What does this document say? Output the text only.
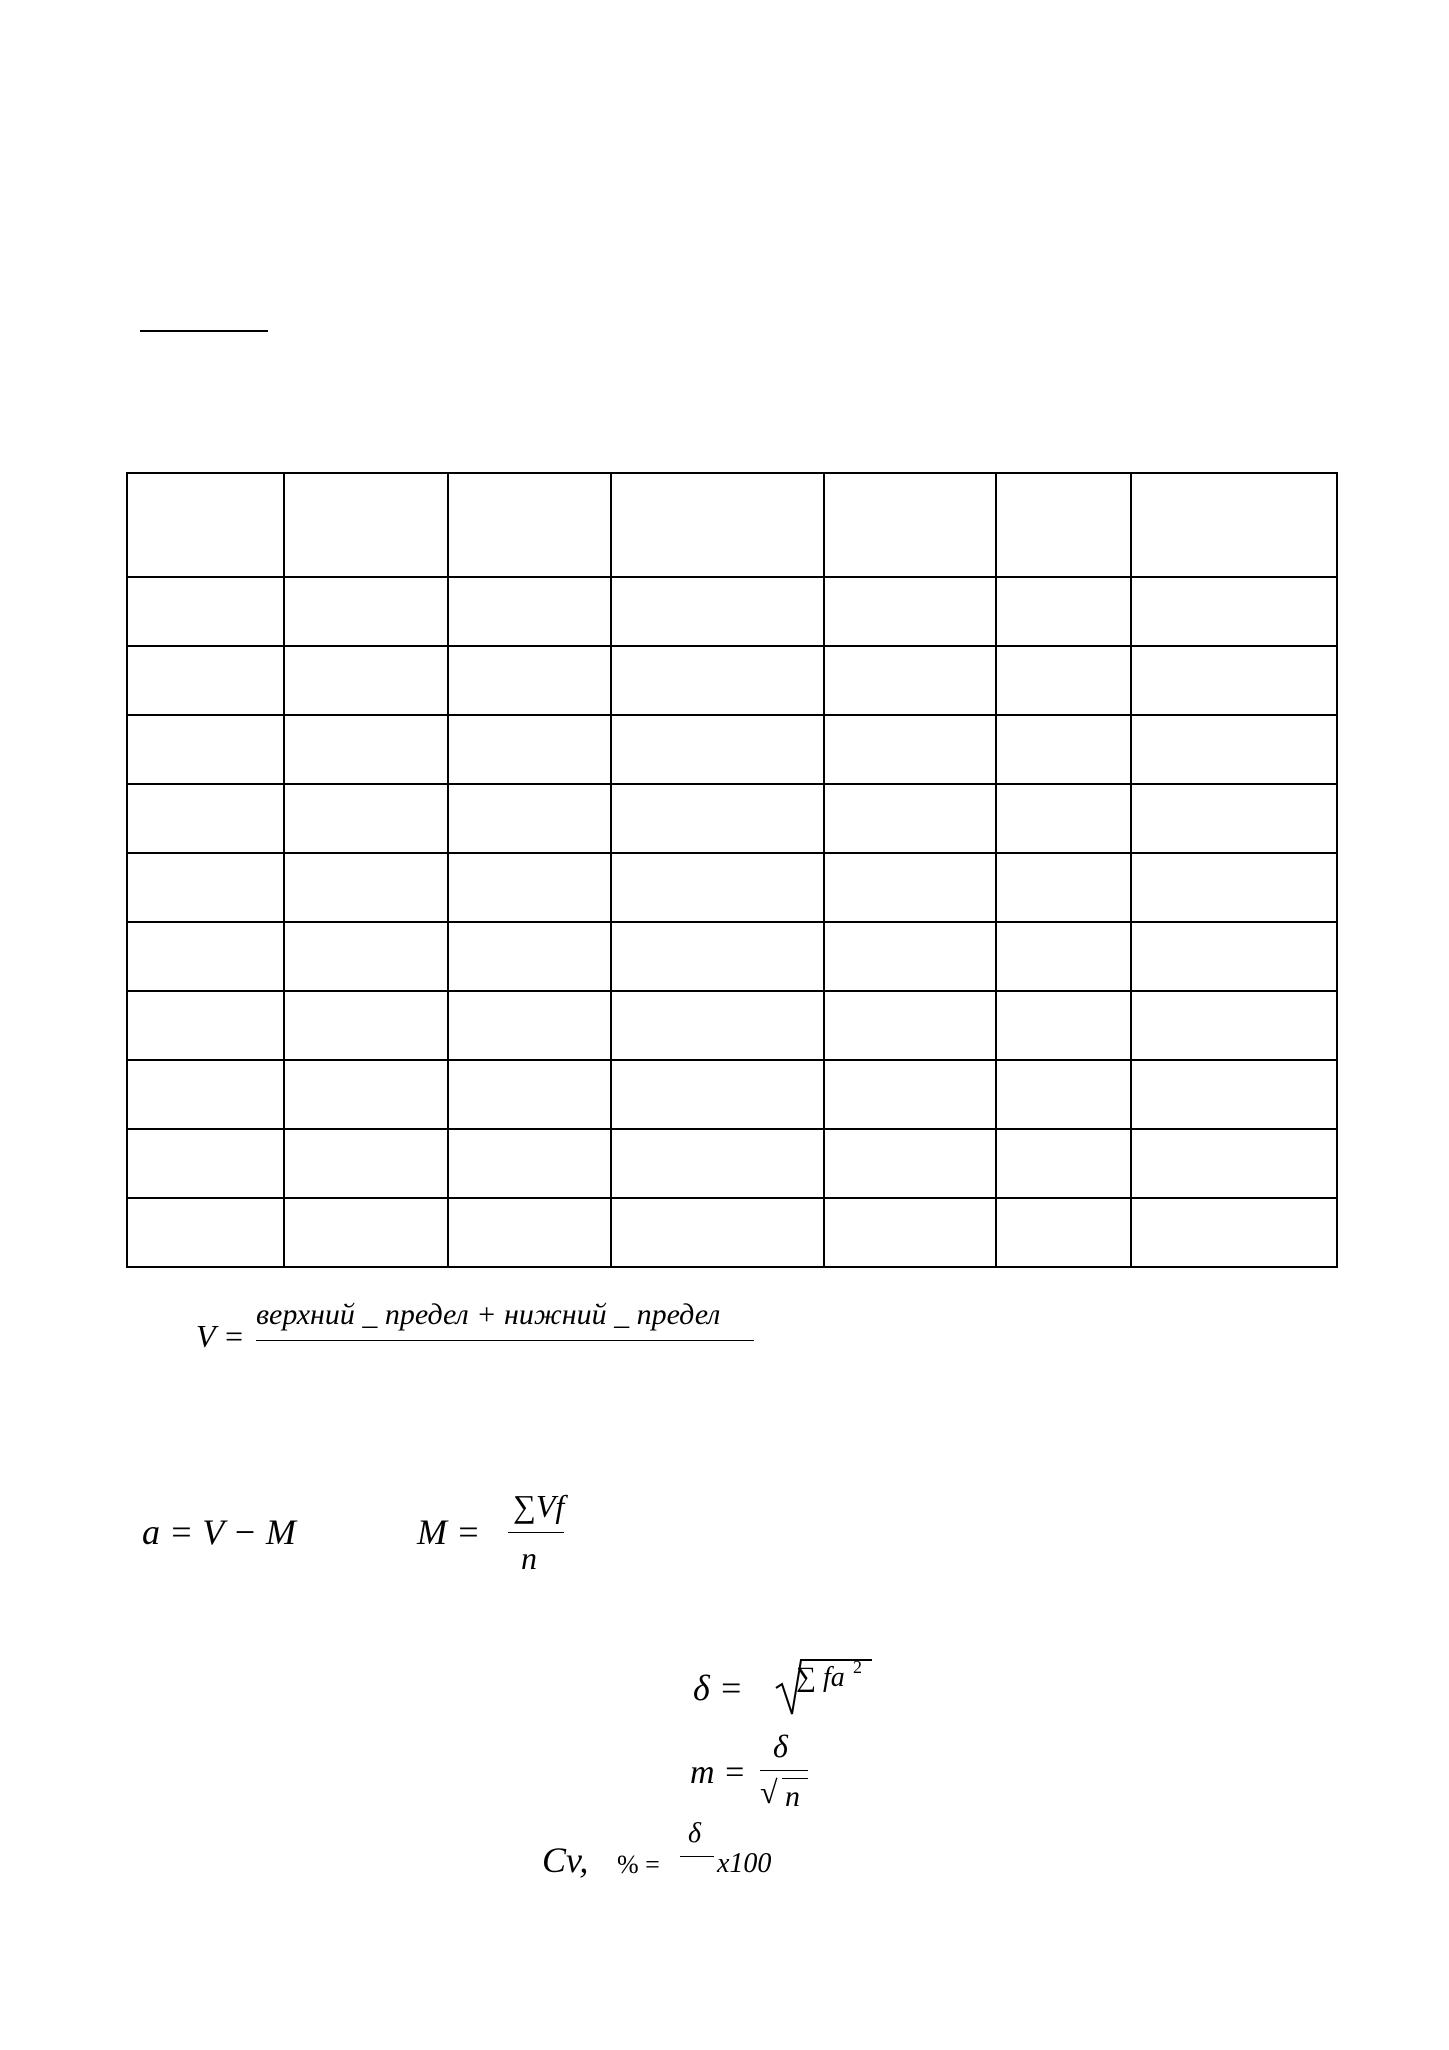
V =
верхний _ предел + нижний _ предел
a = V − M	M =
∑Vf
n
δ = ∑ fa 2
m =
δ
√ n
Cv, % =
δ
x100
